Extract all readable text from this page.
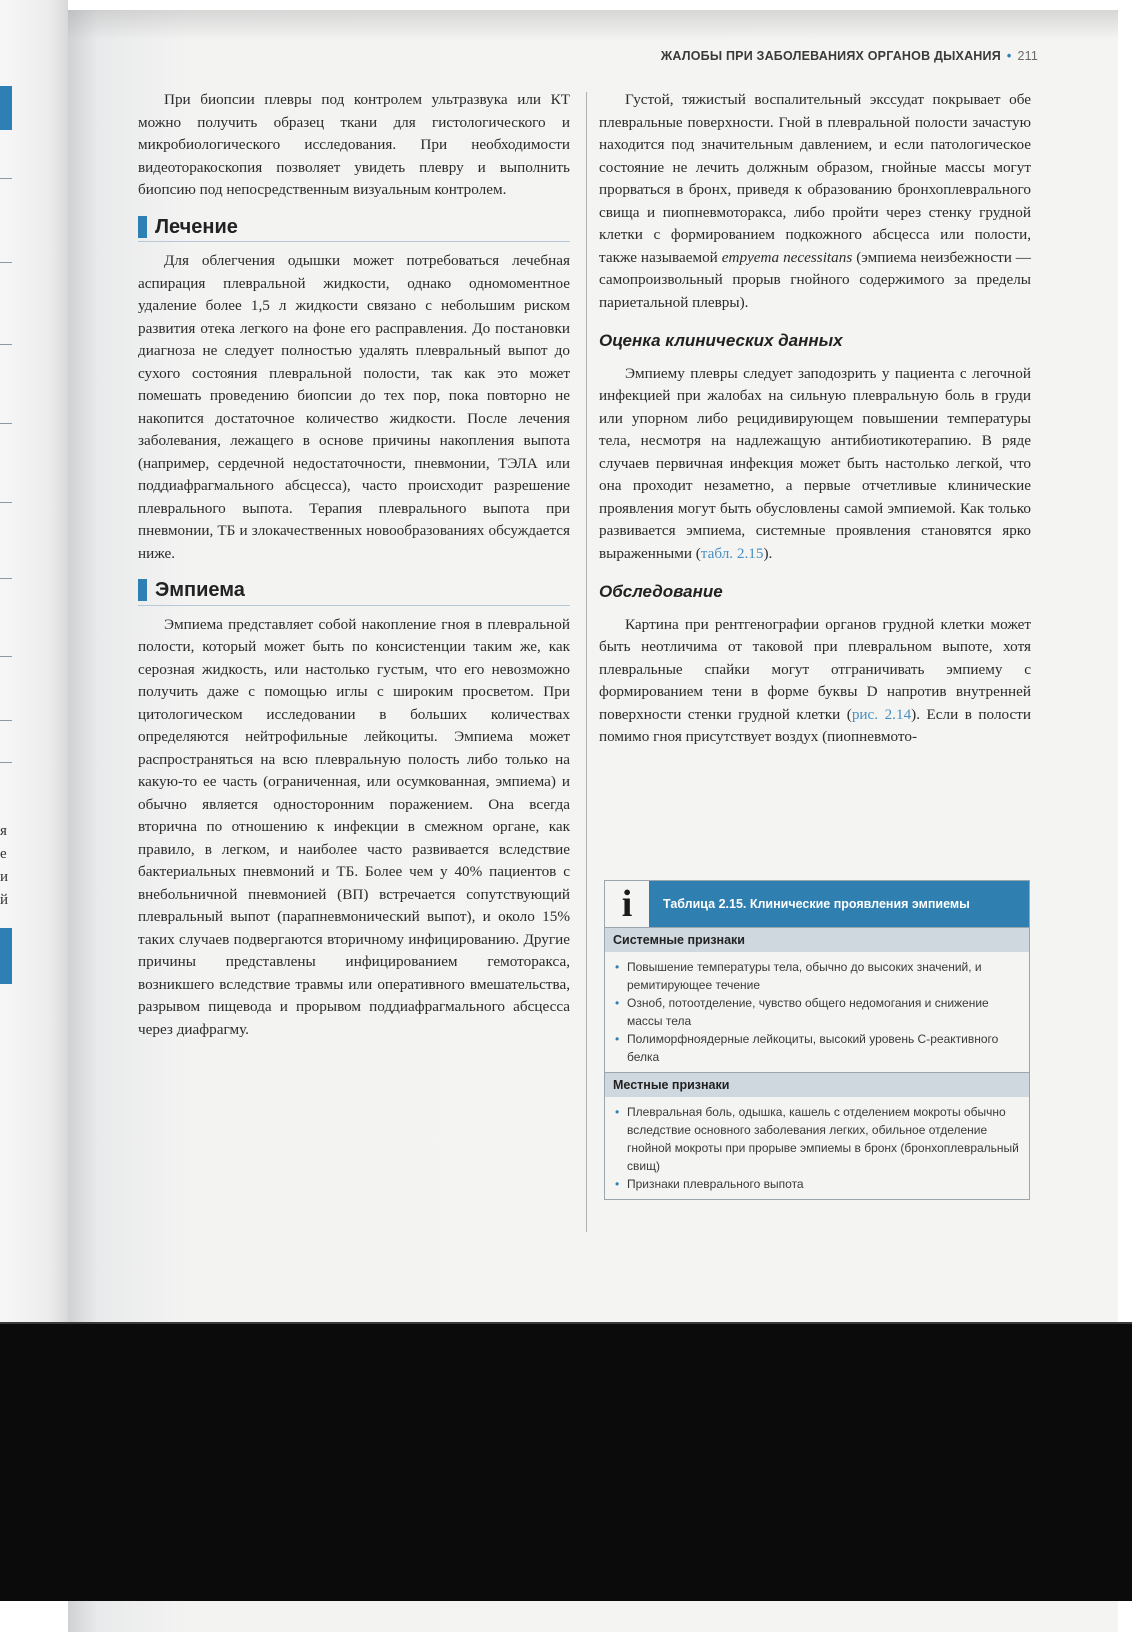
я
е
и
й
ЖАЛОБЫ ПРИ ЗАБОЛЕВАНИЯХ ОРГАНОВ ДЫХАНИЯ • 211

При биопсии плевры под контролем ультразвука или КТ можно получить образец ткани для гистологического и микробиологического исследования. При необходимости видеоторакоскопия позволяет увидеть плевру и выполнить биопсию под непосредственным визуальным контролем.

Лечение

Для облегчения одышки может потребоваться лечебная аспирация плевральной жидкости, однако одномоментное удаление более 1,5 л жидкости связано с небольшим риском развития отека легкого на фоне его расправления. До постановки диагноза не следует полностью удалять плевральный выпот до сухого состояния плевральной полости, так как это может помешать проведению биопсии до тех пор, пока повторно не накопится достаточное количество жидкости. После лечения заболевания, лежащего в основе причины накопления выпота (например, сердечной недостаточности, пневмонии, ТЭЛА или поддиафрагмального абсцесса), часто происходит разрешение плеврального выпота. Терапия плеврального выпота при пневмонии, ТБ и злокачественных новообразованиях обсуждается ниже.

Эмпиема

Эмпиема представляет собой накопление гноя в плевральной полости, который может быть по консистенции таким же, как серозная жидкость, или настолько густым, что его невозможно получить даже с помощью иглы с широким просветом. При цитологическом исследовании в больших количествах определяются нейтрофильные лейкоциты. Эмпиема может распространяться на всю плевральную полость либо только на какую-то ее часть (ограниченная, или осумкованная, эмпиема) и обычно является односторонним поражением. Она всегда вторична по отношению к инфекции в смежном органе, как правило, в легком, и наиболее часто развивается вследствие бактериальных пневмоний и ТБ. Более чем у 40% пациентов с внебольничной пневмонией (ВП) встречается сопутствующий плевральный выпот (парапневмонический выпот), и около 15% таких случаев подвергаются вторичному инфицированию. Другие причины представлены инфицированием гемоторакса, возникшего вследствие травмы или оперативного вмешательства, разрывом пищевода и прорывом поддиафрагмального абсцесса через диафрагму.

Густой, тяжистый воспалительный экссудат покрывает обе плевральные поверхности. Гной в плевральной полости зачастую находится под значительным давлением, и если патологическое состояние не лечить должным образом, гнойные массы могут прорваться в бронх, приведя к образованию бронхоплеврального свища и пиопневмоторакса, либо пройти через стенку грудной клетки с формированием подкожного абсцесса или полости, также называемой empyema necessitans (эмпиема неизбежности — самопроизвольный прорыв гнойного содержимого за пределы париетальной плевры).

Оценка клинических данных

Эмпиему плевры следует заподозрить у пациента с легочной инфекцией при жалобах на сильную плевральную боль в груди или упорном либо рецидивирующем повышении температуры тела, несмотря на надлежащую антибиотикотерапию. В ряде случаев первичная инфекция может быть настолько легкой, что она проходит незаметно, а первые отчетливые клинические проявления могут быть обусловлены самой эмпиемой. Как только развивается эмпиема, системные проявления становятся ярко выраженными (табл. 2.15).

Обследование

Картина при рентгенографии органов грудной клетки может быть неотличима от таковой при плевральном выпоте, хотя плевральные спайки могут отграничивать эмпиему с формированием тени в форме буквы D напротив внутренней поверхности стенки грудной клетки (рис. 2.14). Если в полости помимо гноя присутствует воздух (пиопневмото-

i	Таблица 2.15. Клинические проявления эмпиемы
Системные признаки
• Повышение температуры тела, обычно до высоких значений, и ремитирующее течение
• Озноб, потоотделение, чувство общего недомогания и снижение массы тела
• Полиморфноядерные лейкоциты, высокий уровень С-реактивного белка
Местные признаки
• Плевральная боль, одышка, кашель с отделением мокроты обычно вследствие основного заболевания легких, обильное отделение гнойной мокроты при прорыве эмпиемы в бронх (бронхоплевральный свищ)
• Признаки плеврального выпота
